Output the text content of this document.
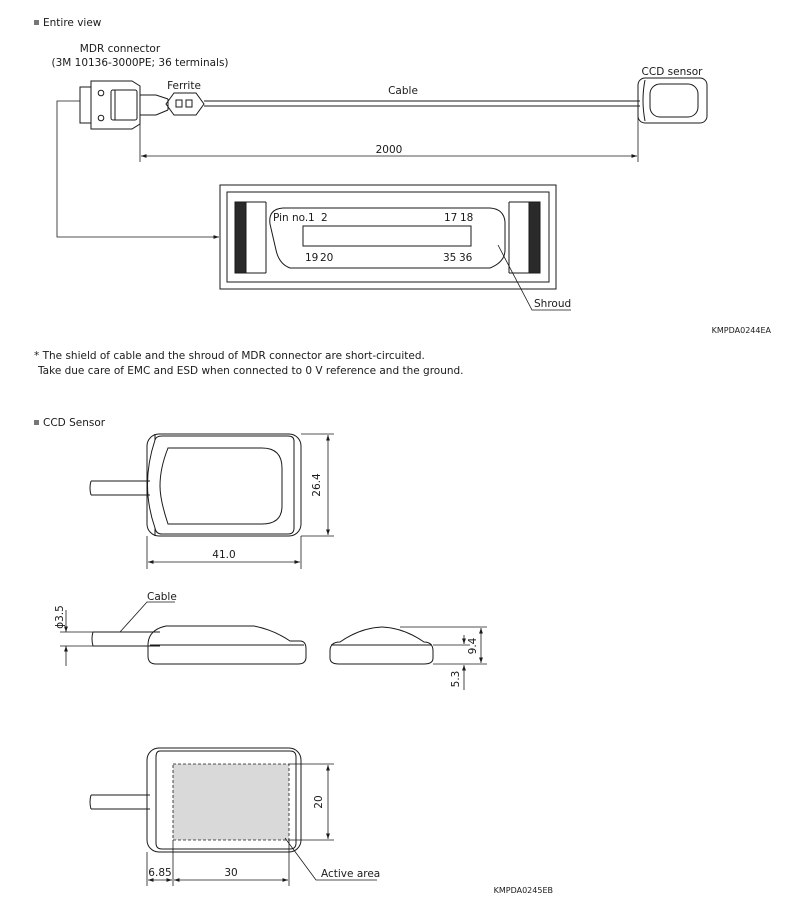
Entire view
MDR connector
(3M 10136-3000PE; 36 terminals)
Ferrite	Cable
CCD sensor
2000
Pin no. 1 2	17 18
19 20	35 36
Shroud
KMPDA0244EA
CCD Sensor
26.4
41.0
Cable
ϕ3.5
9.4
5.3
20
6.85	30	Active area
KMPDA0245EB
* The shield of cable and the shroud of MDR connector are short-circuited.
Take due care of EMC and ESD when connected to 0 V reference and the ground.
